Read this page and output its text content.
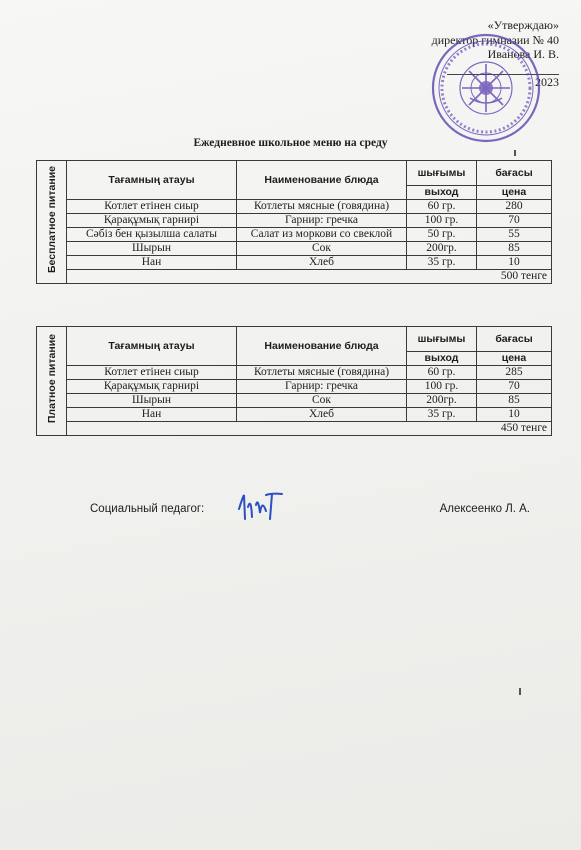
«Утверждаю»
директор гимназии № 40
Иванова И. В.
2023
Ежедневное школьное меню на среду
Бесплатное питание	Тағамның атауы	Наименование блюда	шығымы	бағасы
			выход	цена
	Котлет етінен сиыр	Котлеты мясные (говядина)	60 гр.	280
	Қарақұмық гарнирі	Гарнир: гречка	100 гр.	70
	Сәбіз бен қызылша салаты	Салат из моркови со свеклой	50 гр.	55
	Шырын	Сок	200гр.	85
	Нан	Хлеб	35 гр.	10
	500 тенге			
Платное питание	Тағамның атауы	Наименование блюда	шығымы	бағасы
			выход	цена
	Котлет етінен сиыр	Котлеты мясные (говядина)	60 гр.	285
	Қарақұмық гарнирі	Гарнир: гречка	100 гр.	70
	Шырын	Сок	200гр.	85
	Нан	Хлеб	35 гр.	10
	450 тенге			
Социальный педагог:	Алексеенко Л. А.
